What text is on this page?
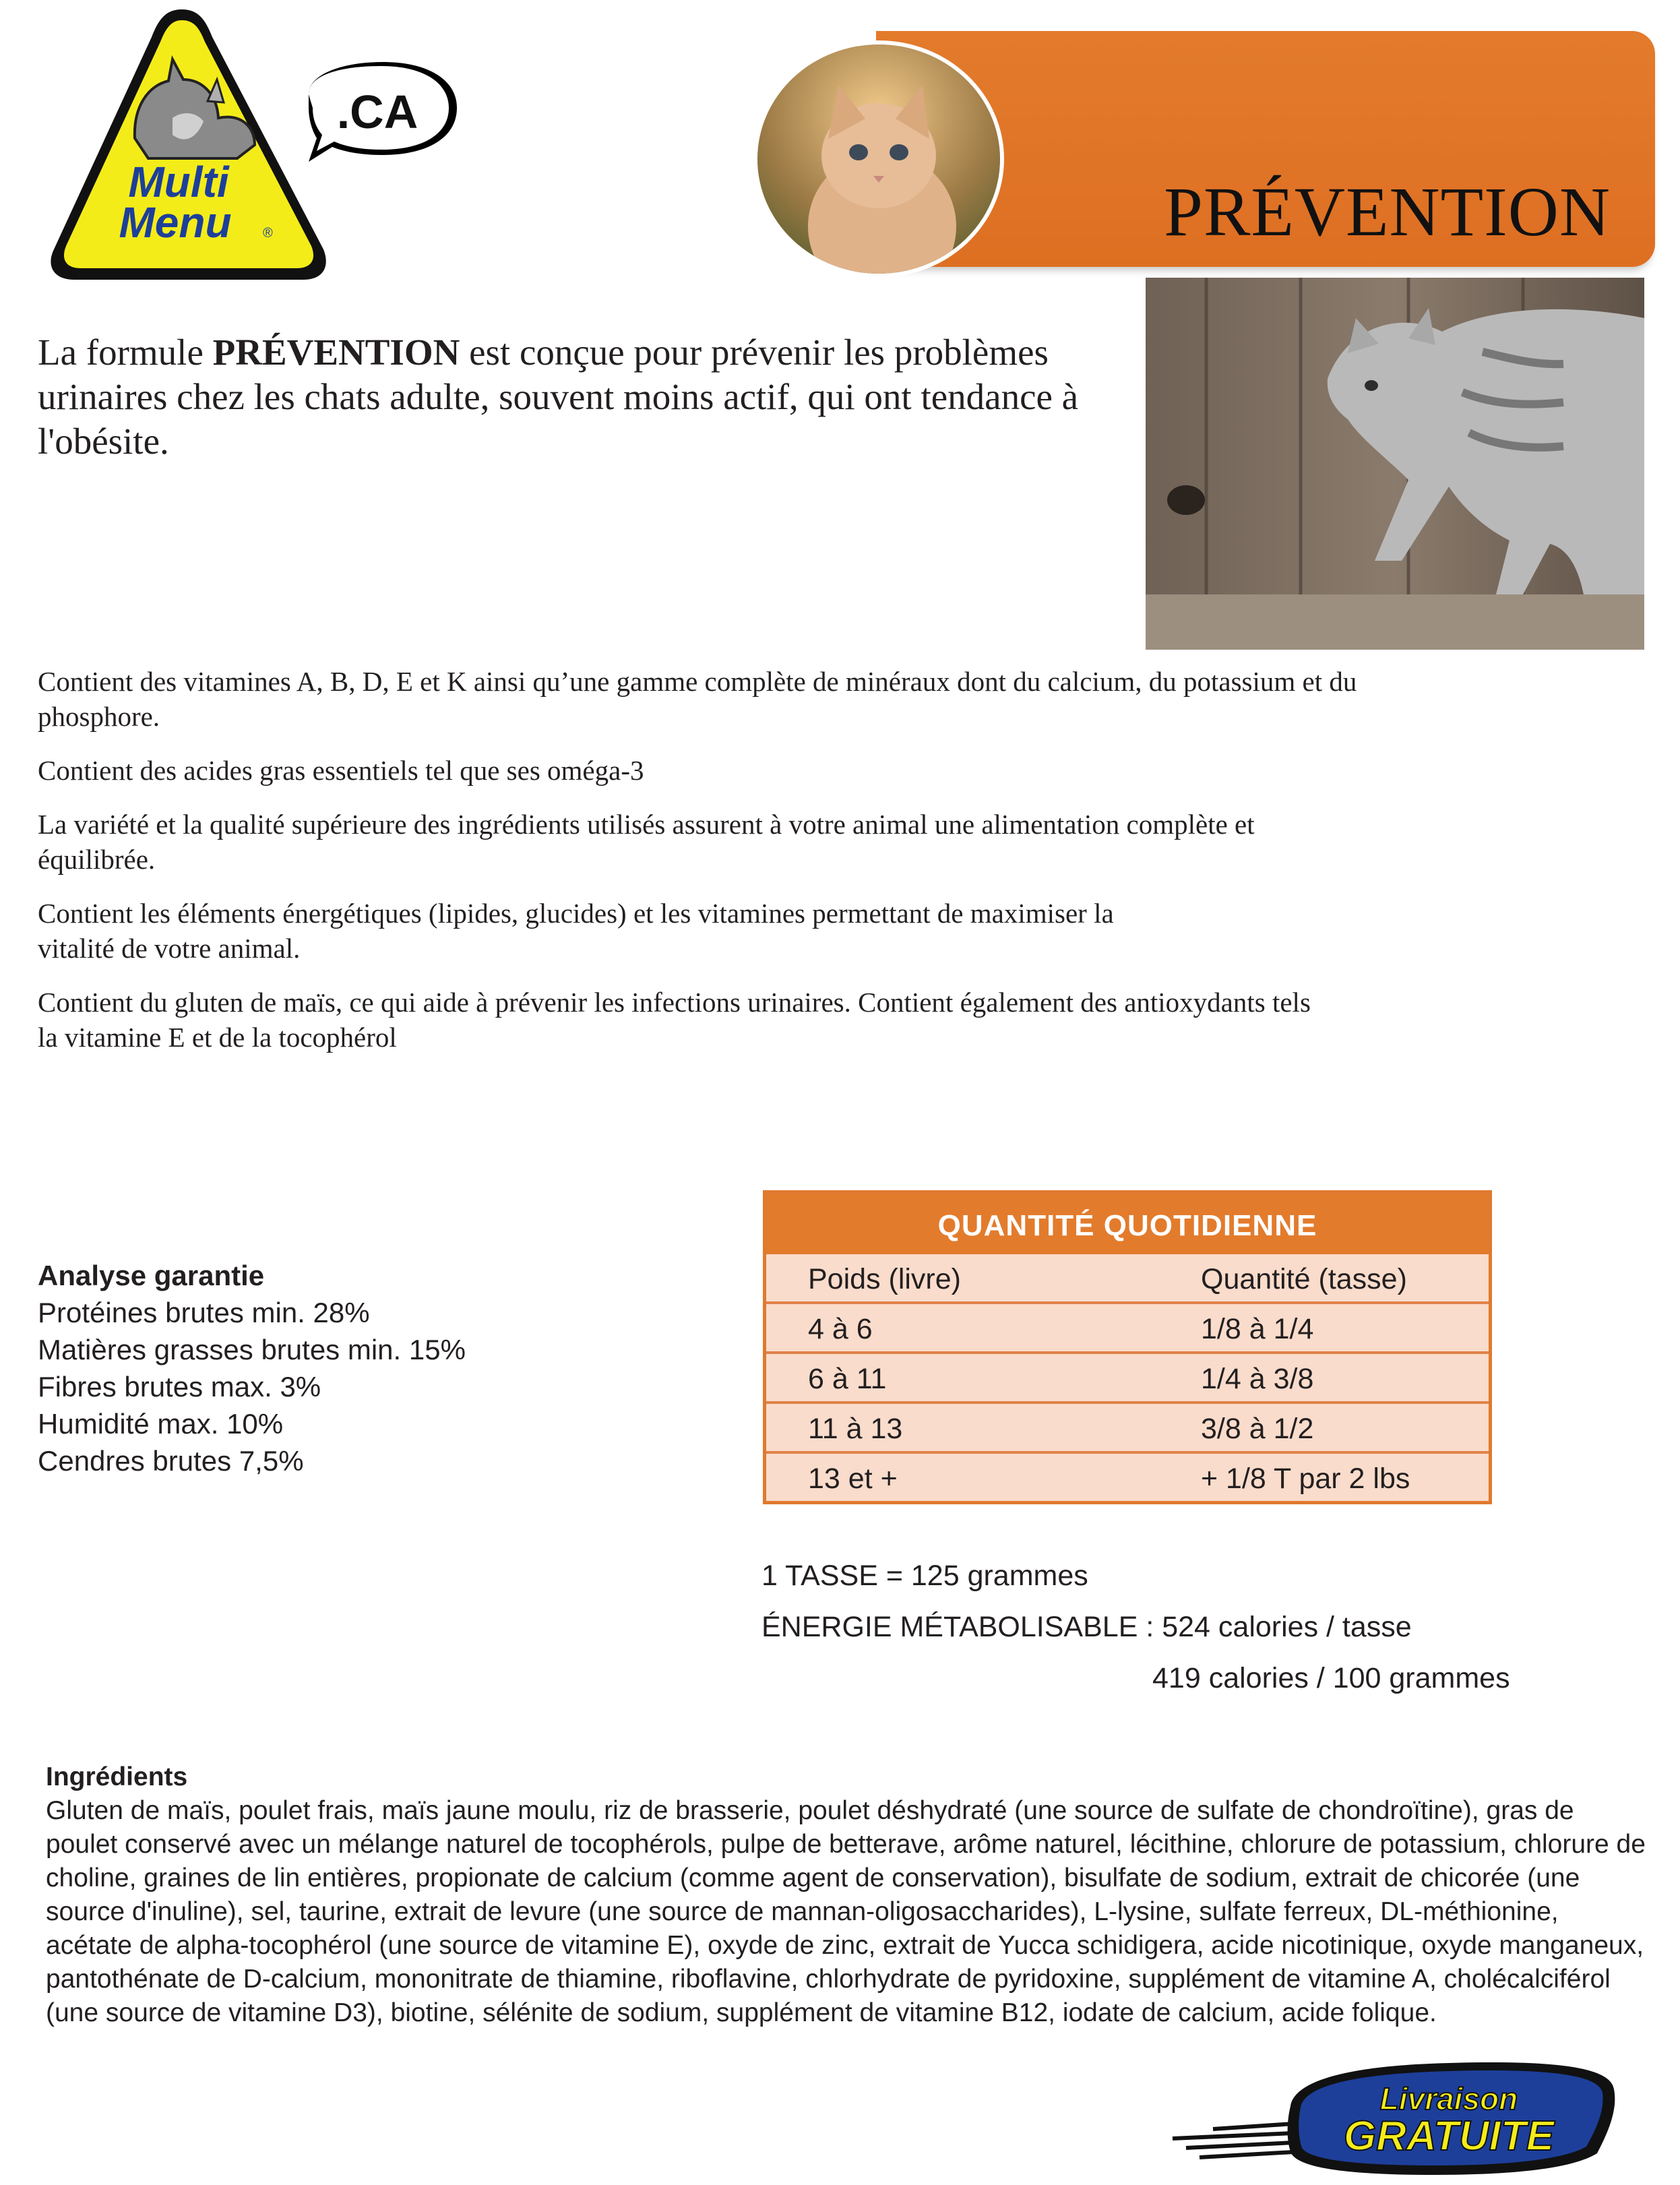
.CA
Multi
Menu ®	PRÉVENTION
La formule PRÉVENTION est conçue pour prévenir les problèmes urinaires chez les chats adulte, souvent moins actif, qui ont tendance à l'obésite.

Contient des vitamines A, B, D, E et K ainsi qu’une gamme complète de minéraux dont du calcium, du potassium et du phosphore.

Contient des acides gras essentiels tel que ses oméga-3

La variété et la qualité supérieure des ingrédients utilisés assurent à votre animal une alimentation complète et équilibrée.

Contient les éléments énergétiques (lipides, glucides) et les vitamines permettant de maximiser la vitalité de votre animal.

Contient du gluten de maïs, ce qui aide à prévenir les infections urinaires. Contient également des antioxydants tels la vitamine E et de la tocophérol

Analyse garantie
Protéines brutes min. 28%
Matières grasses brutes min. 15%
Fibres brutes max. 3%
Humidité max. 10%
Cendres brutes 7,5%
QUANTITÉ QUOTIDIENNE
Poids (livre)	Quantité (tasse)
4 à 6	1/8 à 1/4
6 à 11	1/4 à 3/8
11 à 13	3/8 à 1/2
13 et +	+ 1/8 T par 2 lbs
1 TASSE = 125 grammes
ÉNERGIE MÉTABOLISABLE : 524 calories / tasse
419 calories / 100 grammes
Ingrédients
Gluten de maïs, poulet frais, maïs jaune moulu, riz de brasserie, poulet déshydraté (une source de sulfate de chondroïtine), gras de poulet conservé avec un mélange naturel de tocophérols, pulpe de betterave, arôme naturel, lécithine, chlorure de potassium, chlorure de choline, graines de lin entières, propionate de calcium (comme agent de conservation), bisulfate de sodium, extrait de chicorée (une source d'inuline), sel, taurine, extrait de levure (une source de mannan-oligosaccharides), L-lysine, sulfate ferreux, DL-méthionine, acétate de alpha-tocophérol (une source de vitamine E), oxyde de zinc, extrait de Yucca schidigera, acide nicotinique, oxyde manganeux, pantothénate de D-calcium, mononitrate de thiamine, riboflavine, chlorhydrate de pyridoxine, supplément de vitamine A, cholécalciférol (une source de vitamine D3), biotine, sélénite de sodium, supplément de vitamine B12, iodate de calcium, acide folique.
Livraison
GRATUITE
